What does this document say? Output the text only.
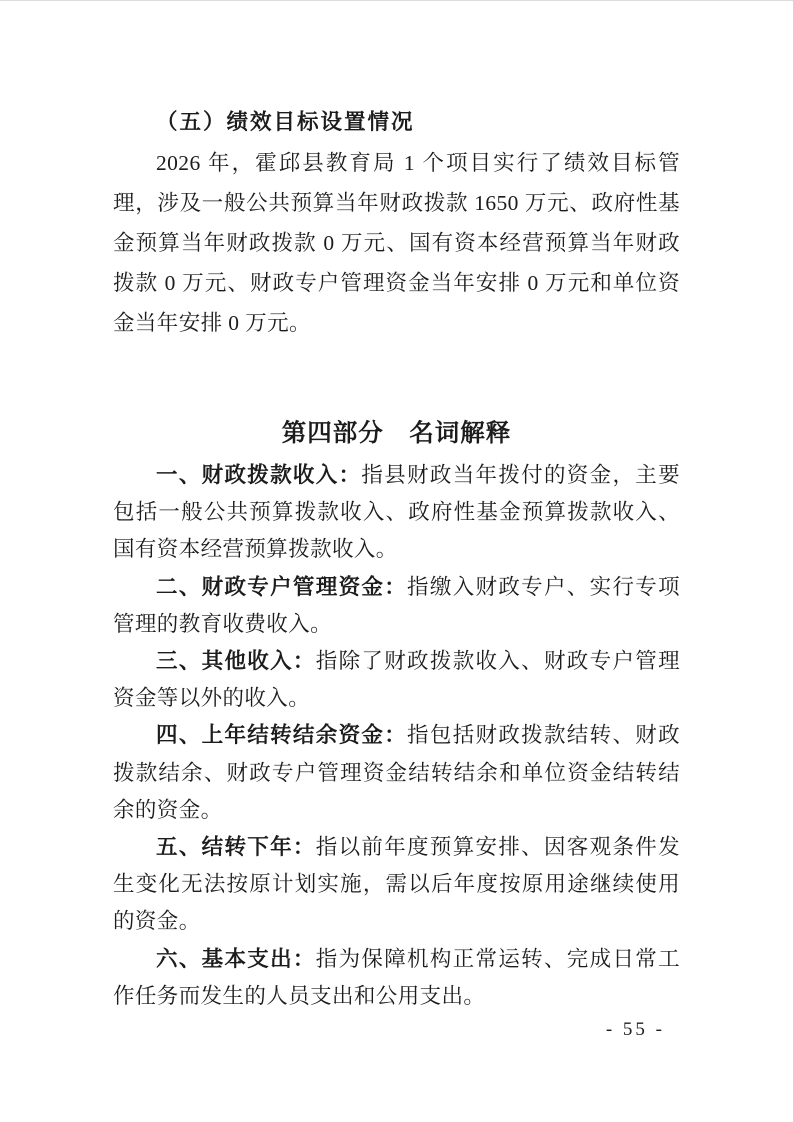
（五）绩效目标设置情况

2026 年，霍邱县教育局 1 个项目实行了绩效目标管理，涉及一般公共预算当年财政拨款 1650 万元、政府性基金预算当年财政拨款 0 万元、国有资本经营预算当年财政拨款 0 万元、财政专户管理资金当年安排 0 万元和单位资金当年安排 0 万元。

第四部分　名词解释

一、财政拨款收入：指县财政当年拨付的资金，主要包括一般公共预算拨款收入、政府性基金预算拨款收入、国有资本经营预算拨款收入。

二、财政专户管理资金：指缴入财政专户、实行专项管理的教育收费收入。

三、其他收入：指除了财政拨款收入、财政专户管理资金等以外的收入。

四、上年结转结余资金：指包括财政拨款结转、财政拨款结余、财政专户管理资金结转结余和单位资金结转结余的资金。

五、结转下年：指以前年度预算安排、因客观条件发生变化无法按原计划实施，需以后年度按原用途继续使用的资金。

六、基本支出：指为保障机构正常运转、完成日常工作任务而发生的人员支出和公用支出。

- 55 -
